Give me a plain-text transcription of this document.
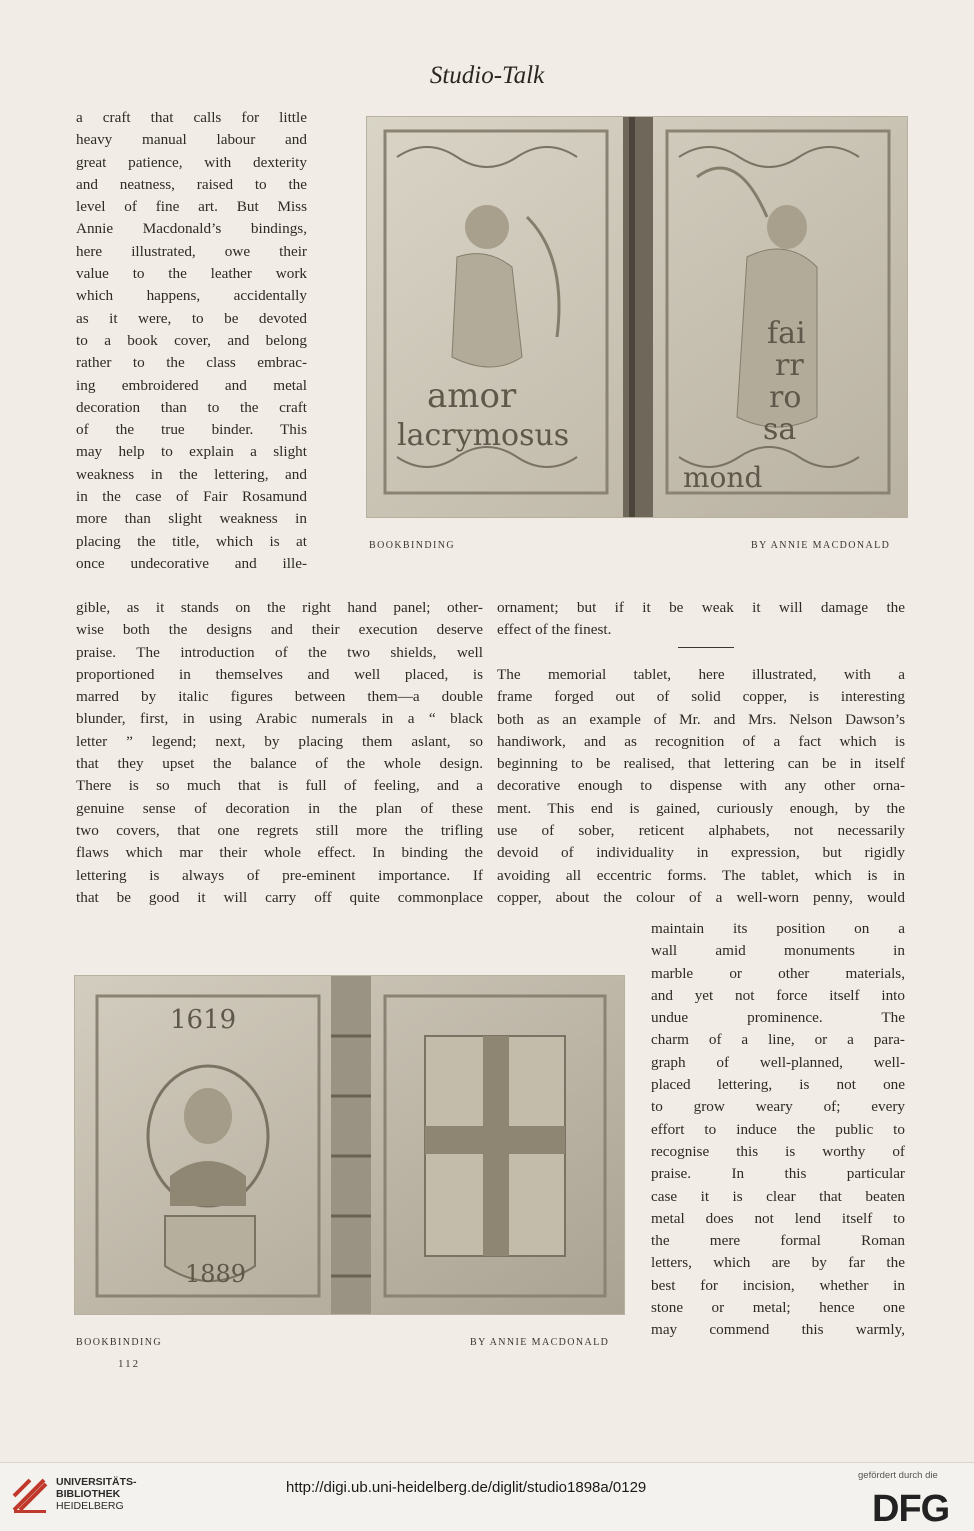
Studio-Talk
a craft that calls for little
heavy manual labour and
great patience, with dexterity
and neatness, raised to the
level of fine art. But Miss
Annie Macdonald’s bindings,
here illustrated, owe their
value to the leather work
which happens, accidentally
as it were, to be devoted
to a book cover, and belong
rather to the class embrac-
ing embroidered and metal
decoration than to the craft
of the true binder. This
may help to explain a slight
weakness in the lettering, and
in the case of Fair Rosamund
more than slight weakness in
placing the title, which is at
once undecorative and ille-
amor
lacrymosus
fai
rr
ro
sa
mond
BOOKBINDING	BY ANNIE MACDONALD
gible, as it stands on the right hand panel; other-
wise both the designs and their execution deserve
praise. The introduction of the two shields, well
proportioned in themselves and well placed, is
marred by italic figures between them—a double
blunder, first, in using Arabic numerals in a “ black
letter ” legend; next, by placing them aslant, so
that they upset the balance of the whole design.
There is so much that is full of feeling, and a
genuine sense of decoration in the plan of these
two covers, that one regrets still more the trifling
flaws which mar their whole effect. In binding the
lettering is always of pre-eminent importance. If
that be good it will carry off quite commonplace
ornament; but if it be weak it will damage the
effect of the finest.
The memorial tablet, here illustrated, with a
frame forged out of solid copper, is interesting
both as an example of Mr. and Mrs. Nelson Dawson’s
handiwork, and as recognition of a fact which is
beginning to be realised, that lettering can be in itself
decorative enough to dispense with any other orna-
ment. This end is gained, curiously enough, by the
use of sober, reticent alphabets, not necessarily
devoid of individuality in expression, but rigidly
avoiding all eccentric forms. The tablet, which is in
copper, about the colour of a well-worn penny, would
1619
1889
BOOKBINDING	BY ANNIE MACDONALD
maintain its position on a
wall amid monuments in
marble or other materials,
and yet not force itself into
undue prominence. The
charm of a line, or a para-
graph of well-planned, well-
placed lettering, is not one
to grow weary of; every
effort to induce the public to
recognise this is worthy of
praise. In this particular
case it is clear that beaten
metal does not lend itself to
the mere formal Roman
letters, which are by far the
best for incision, whether in
stone or metal; hence one
may commend this warmly,
112
UNIVERSITÄTS-
BIBLIOTHEK
HEIDELBERG
http://digi.ub.uni-heidelberg.de/diglit/studio1898a/0129
gefördert durch die
DFG
